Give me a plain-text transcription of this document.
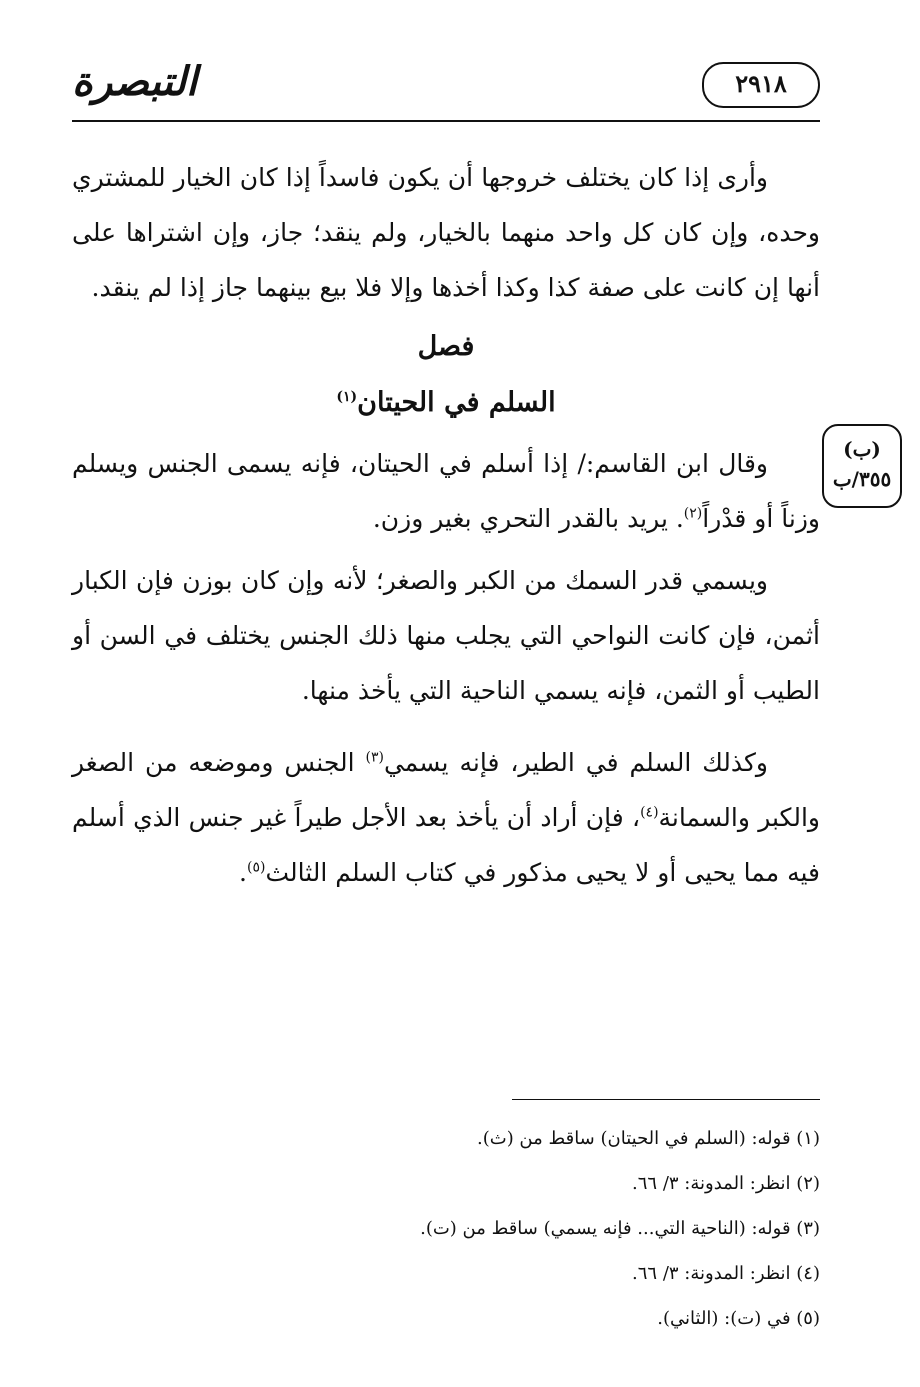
التبصرة	٢٩١٨

وأرى إذا كان يختلف خروجها أن يكون فاسداً إذا كان الخيار للمشتري وحده، وإن كان كل واحد منهما بالخيار، ولم ينقد؛ جاز، وإن اشتراها على أنها إن كانت على صفة كذا وكذا أخذها وإلا فلا بيع بينهما جاز إذا لم ينقد.

فصل
السلم في الحيتان$^{(١)}$
(ب)
٣٥٥/ب

وقال ابن القاسم:/ إذا أسلم في الحيتان، فإنه يسمى الجنس ويسلم وزناً أو قدْراً$^{(٢)}$. يريد بالقدر التحري بغير وزن.

ويسمي قدر السمك من الكبر والصغر؛ لأنه وإن كان بوزن فإن الكبار أثمن، فإن كانت النواحي التي يجلب منها ذلك الجنس يختلف في السن أو الطيب أو الثمن، فإنه يسمي الناحية التي يأخذ منها.

وكذلك السلم في الطير، فإنه يسمي$^{(٣)}$ الجنس وموضعه من الصغر والكبر والسمانة$^{(٤)}$، فإن أراد أن يأخذ بعد الأجل طيراً غير جنس الذي أسلم فيه مما يحيى أو لا يحيى مذكور في كتاب السلم الثالث$^{(٥)}$.

(١) قوله: (السلم في الحيتان) ساقط من (ث).
(٢) انظر: المدونة: ٣/ ٦٦.
(٣) قوله: (الناحية التي... فإنه يسمي) ساقط من (ت).
(٤) انظر: المدونة: ٣/ ٦٦.
(٥) في (ت): (الثاني).
